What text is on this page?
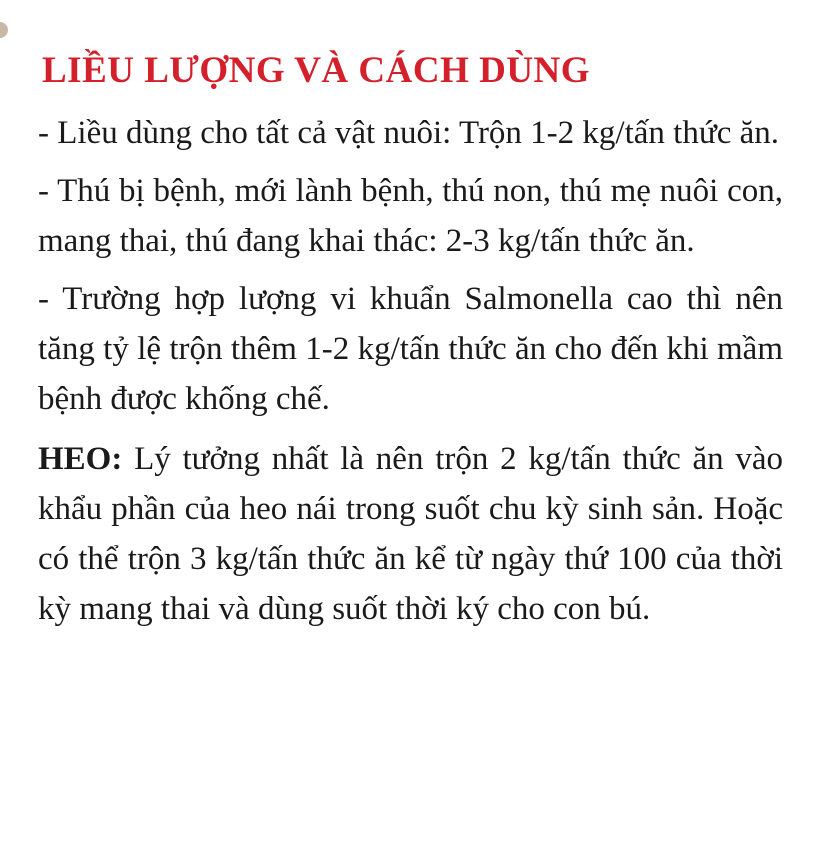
LIỀU LƯỢNG VÀ CÁCH DÙNG

- Liều dùng cho tất cả vật nuôi: Trộn 1-2 kg/tấn thức ăn.

- Thú bị bệnh, mới lành bệnh, thú non, thú mẹ nuôi con, mang thai, thú đang khai thác: 2-3 kg/tấn thức ăn.

- Trường hợp lượng vi khuẩn Salmonella cao thì nên tăng tỷ lệ trộn thêm 1-2 kg/tấn thức ăn cho đến khi mầm bệnh được khống chế.

HEO: Lý tưởng nhất là nên trộn 2 kg/tấn thức ăn vào khẩu phần của heo nái trong suốt chu kỳ sinh sản. Hoặc có thể trộn 3 kg/tấn thức ăn kể từ ngày thứ 100 của thời kỳ mang thai và dùng suốt thời ký cho con bú.
